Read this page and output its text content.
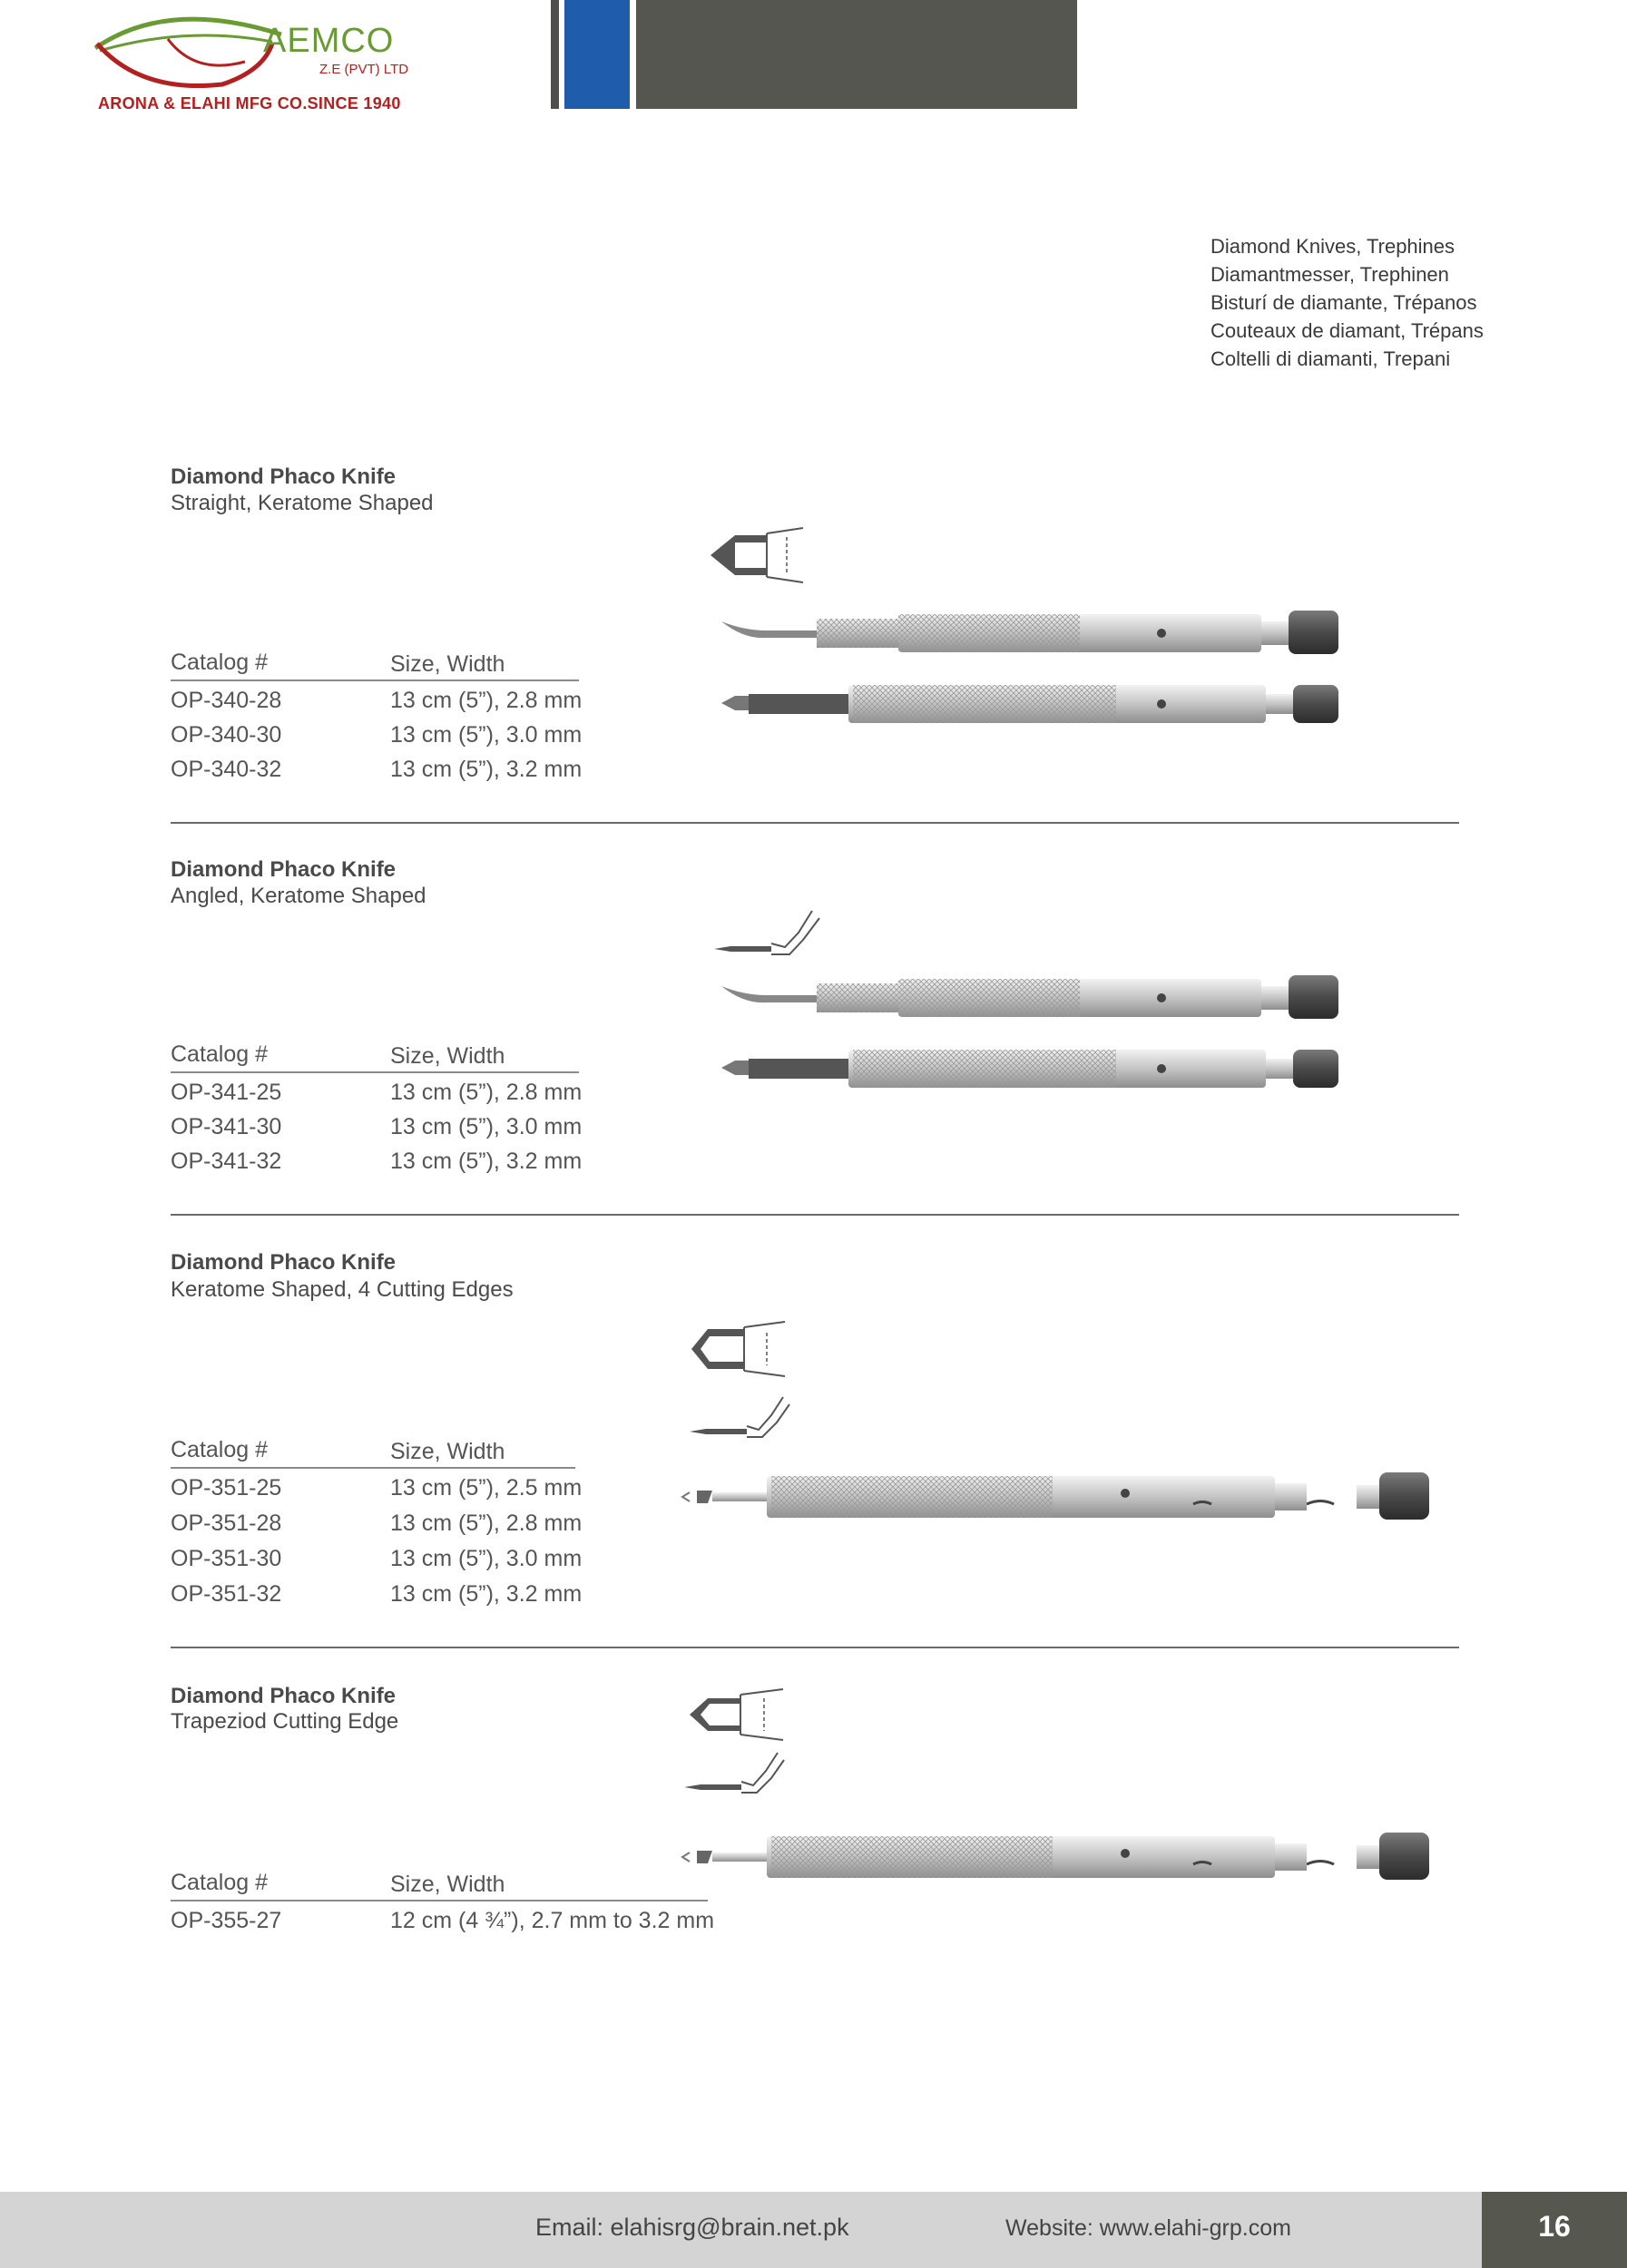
AEMCO
Z.E (PVT) LTD
ARONA & ELAHI MFG CO.SINCE 1940
Diamond Knives, Trephines
Diamantmesser, Trephinen
Bisturí de diamante, Trépanos
Couteaux de diamant, Trépans
Coltelli di diamanti, Trepani
Diamond Phaco Knife
Straight, Keratome Shaped
Catalog #	Size, Width
OP-340-28	13 cm (5”), 2.8 mm
OP-340-30	13 cm (5”), 3.0 mm
OP-340-32	13 cm (5”), 3.2 mm
Diamond Phaco Knife
Angled, Keratome Shaped
Catalog #	Size, Width
OP-341-25	13 cm (5”), 2.8 mm
OP-341-30	13 cm (5”), 3.0 mm
OP-341-32	13 cm (5”), 3.2 mm
Diamond Phaco Knife
Keratome Shaped, 4 Cutting Edges
Catalog #	Size, Width
OP-351-25	13 cm (5”), 2.5 mm
OP-351-28	13 cm (5”), 2.8 mm
OP-351-30	13 cm (5”), 3.0 mm
OP-351-32	13 cm (5”), 3.2 mm
Diamond Phaco Knife
Trapeziod Cutting Edge
Catalog #	Size, Width
OP-355-27	12 cm (4 ¾”), 2.7 mm to 3.2 mm
Email: elahisrg@brain.net.pk	Website: www.elahi-grp.com	16
